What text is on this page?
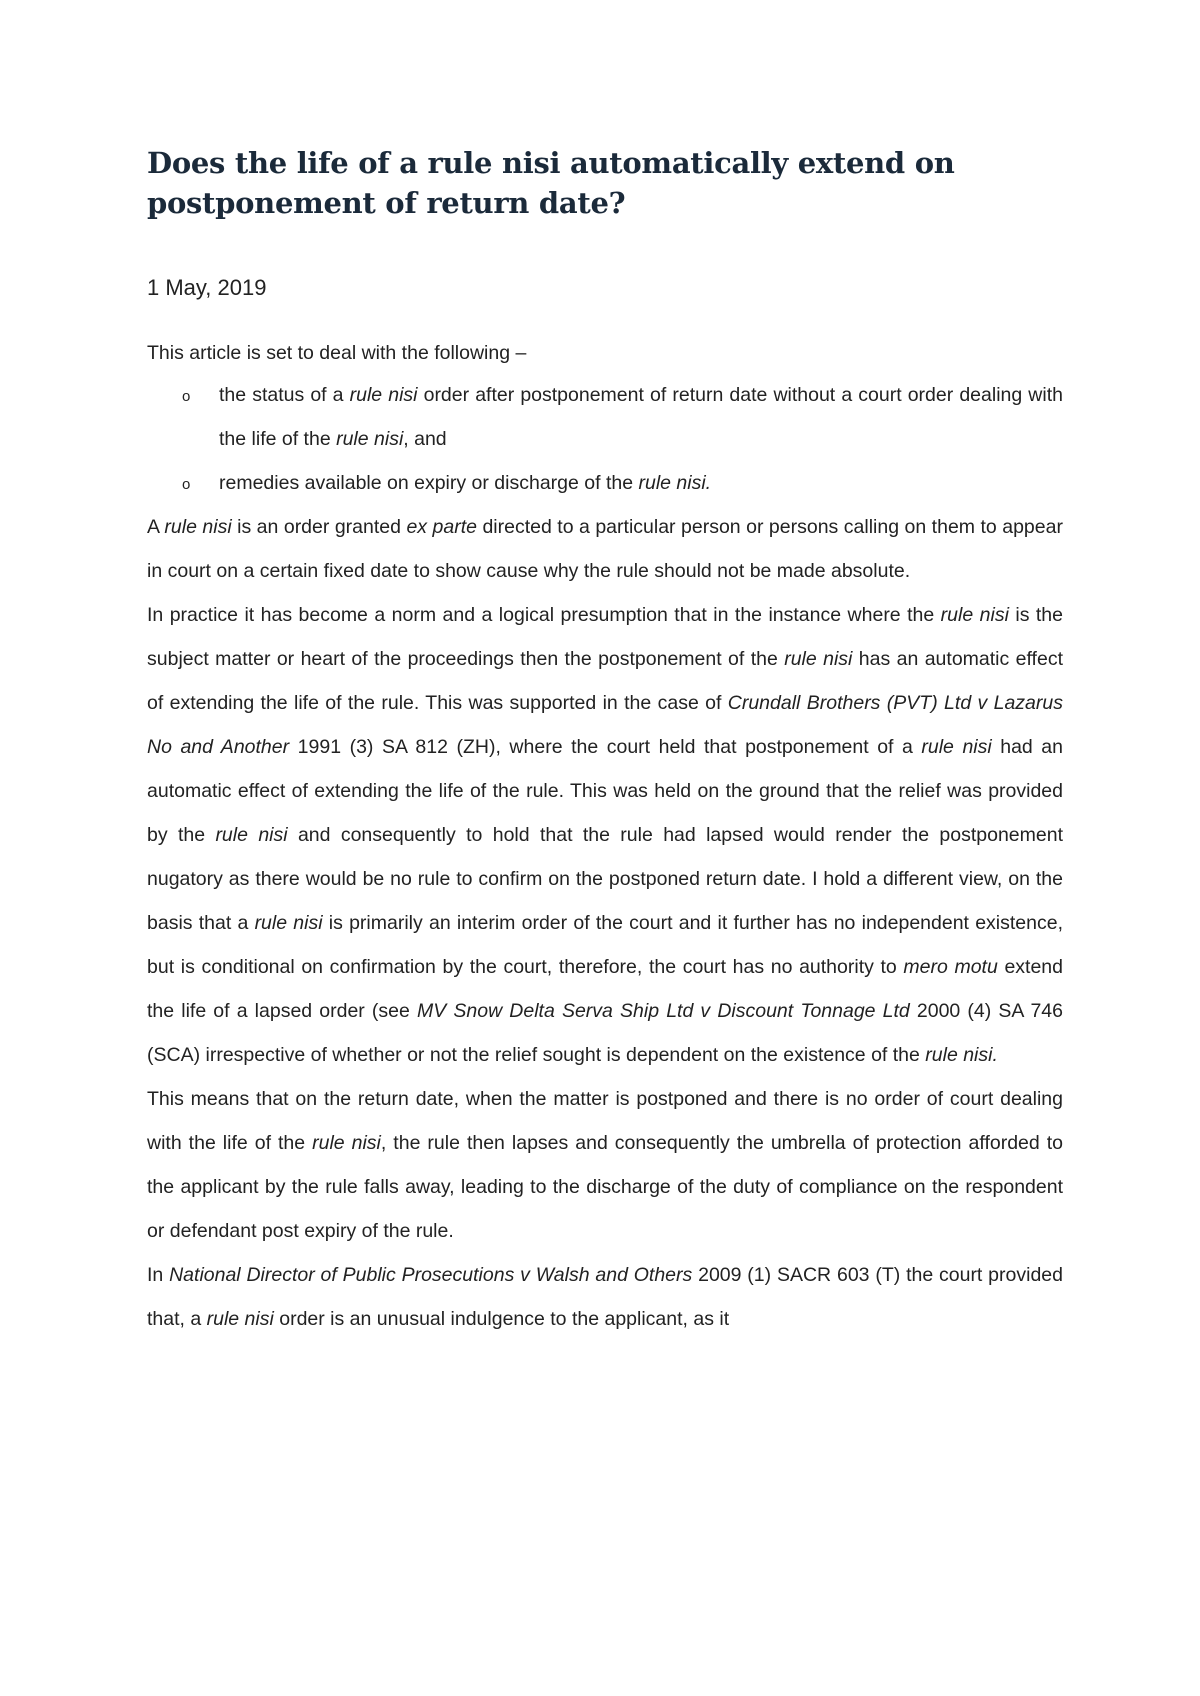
Does the life of a rule nisi automatically extend on postponement of return date?
1 May, 2019

This article is set to deal with the following –

o the status of a rule nisi order after postponement of return date without a court order dealing with the life of the rule nisi, and
o remedies available on expiry or discharge of the rule nisi.

A rule nisi is an order granted ex parte directed to a particular person or persons calling on them to appear in court on a certain fixed date to show cause why the rule should not be made absolute.

In practice it has become a norm and a logical presumption that in the instance where the rule nisi is the subject matter or heart of the proceedings then the postponement of the rule nisi has an automatic effect of extending the life of the rule. This was supported in the case of Crundall Brothers (PVT) Ltd v Lazarus No and Another 1991 (3) SA 812 (ZH), where the court held that postponement of a rule nisi had an automatic effect of extending the life of the rule. This was held on the ground that the relief was provided by the rule nisi and consequently to hold that the rule had lapsed would render the postponement nugatory as there would be no rule to confirm on the postponed return date. I hold a different view, on the basis that a rule nisi is primarily an interim order of the court and it further has no independent existence, but is conditional on confirmation by the court, therefore, the court has no authority to mero motu extend the life of a lapsed order (see MV Snow Delta Serva Ship Ltd v Discount Tonnage Ltd 2000 (4) SA 746 (SCA) irrespective of whether or not the relief sought is dependent on the existence of the rule nisi.

This means that on the return date, when the matter is postponed and there is no order of court dealing with the life of the rule nisi, the rule then lapses and consequently the umbrella of protection afforded to the applicant by the rule falls away, leading to the discharge of the duty of compliance on the respondent or defendant post expiry of the rule.

In National Director of Public Prosecutions v Walsh and Others 2009 (1) SACR 603 (T) the court provided that, a rule nisi order is an unusual indulgence to the applicant, as it
